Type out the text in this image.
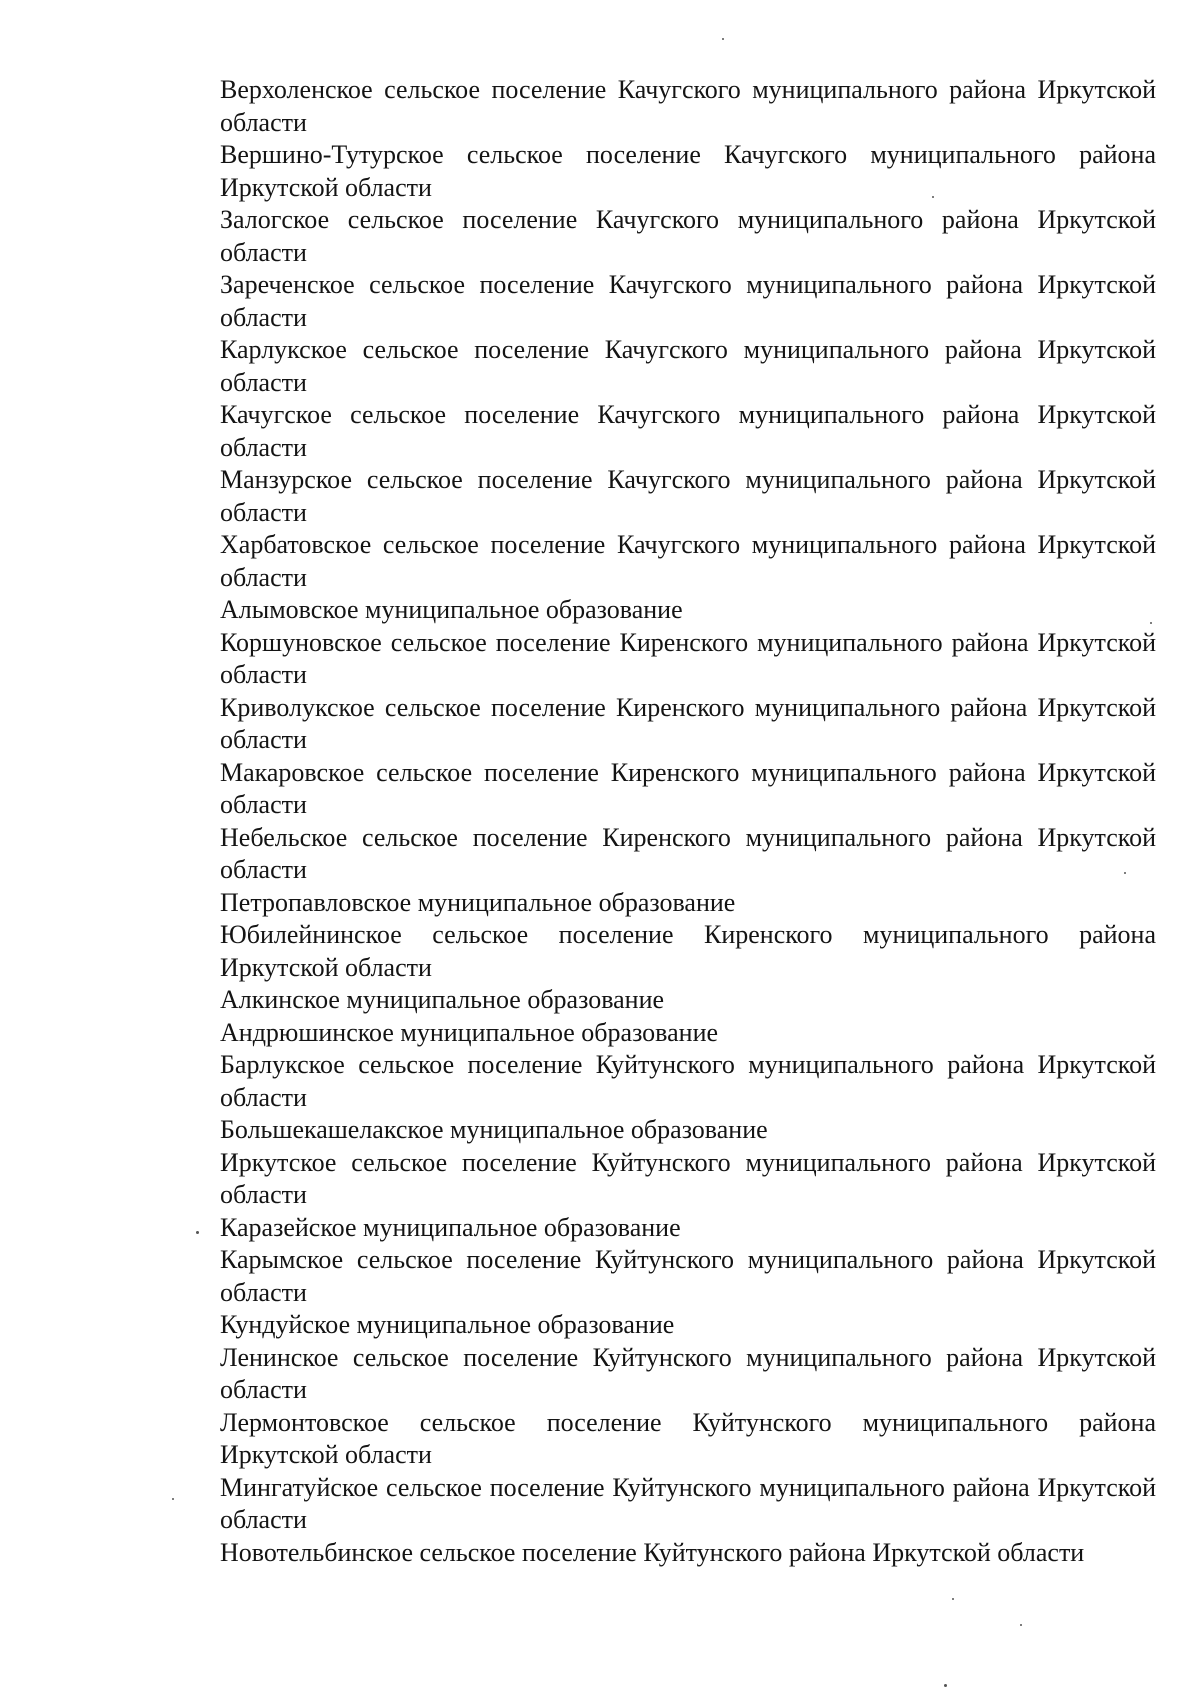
Верхоленское сельское поселение Качугского муниципального района Иркутской области
Вершино-Тутурское сельское поселение Качугского муниципального района Иркутской области
Залогское сельское поселение Качугского муниципального района Иркутской области
Зареченское сельское поселение Качугского муниципального района Иркутской области
Карлукское сельское поселение Качугского муниципального района Иркутской области
Качугское сельское поселение Качугского муниципального района Иркутской области
Манзурское сельское поселение Качугского муниципального района Иркутской области
Харбатовское сельское поселение Качугского муниципального района Иркутской области
Алымовское муниципальное образование
Коршуновское сельское поселение Киренского муниципального района Иркутской области
Криволукское сельское поселение Киренского муниципального района Иркутской области
Макаровское сельское поселение Киренского муниципального района Иркутской области
Небельское сельское поселение Киренского муниципального района Иркутской области
Петропавловское муниципальное образование
Юбилейнинское сельское поселение Киренского муниципального района Иркутской области
Алкинское муниципальное образование
Андрюшинское муниципальное образование
Барлукское сельское поселение Куйтунского муниципального района Иркутской области
Большекашелакское муниципальное образование
Иркутское сельское поселение Куйтунского муниципального района Иркутской области
Каразейское муниципальное образование
Карымское сельское поселение Куйтунского муниципального района Иркутской области
Кундуйское муниципальное образование
Ленинское сельское поселение Куйтунского муниципального района Иркутской области
Лермонтовское сельское поселение Куйтунского муниципального района Иркутской области
Мингатуйское сельское поселение Куйтунского муниципального района Иркутской области
Новотельбинское сельское поселение Куйтунского района Иркутской области
